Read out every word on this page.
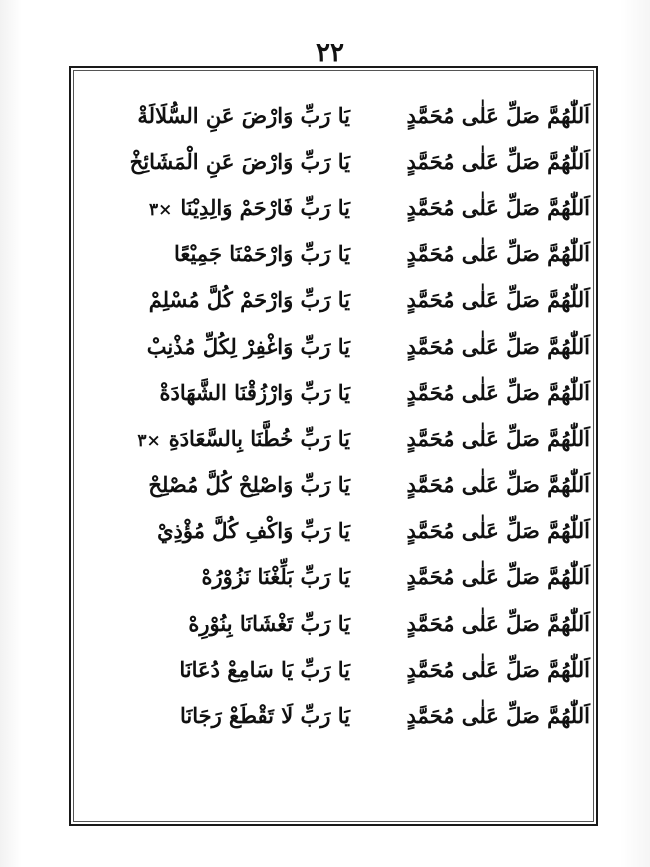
٢٢
اَللّٰهُمَّ صَلِّ عَلٰى مُحَمَّدٍ
يَا رَبِّ وَارْضَ عَنِ السُّلَالَةْ
اَللّٰهُمَّ صَلِّ عَلٰى مُحَمَّدٍ
يَا رَبِّ وَارْضَ عَنِ الْمَشَائِخْ
اَللّٰهُمَّ صَلِّ عَلٰى مُحَمَّدٍ
يَا رَبِّ فَارْحَمْ وَالِدِيْنَا×٣
اَللّٰهُمَّ صَلِّ عَلٰى مُحَمَّدٍ
يَا رَبِّ وَارْحَمْنَا جَمِيْعًا
اَللّٰهُمَّ صَلِّ عَلٰى مُحَمَّدٍ
يَا رَبِّ وَارْحَمْ كُلَّ مُسْلِمْ
اَللّٰهُمَّ صَلِّ عَلٰى مُحَمَّدٍ
يَا رَبِّ وَاغْفِرْ لِكُلِّ مُذْنِبْ
اَللّٰهُمَّ صَلِّ عَلٰى مُحَمَّدٍ
يَا رَبِّ وَارْزُقْنَا الشَّهَادَةْ
اَللّٰهُمَّ صَلِّ عَلٰى مُحَمَّدٍ
يَا رَبِّ خُطَّنَا بِالسَّعَادَةِ×٣
اَللّٰهُمَّ صَلِّ عَلٰى مُحَمَّدٍ
يَا رَبِّ وَاصْلِحْ كُلَّ مُصْلِحْ
اَللّٰهُمَّ صَلِّ عَلٰى مُحَمَّدٍ
يَا رَبِّ وَاكْفِ كُلَّ مُؤْذِيْ
اَللّٰهُمَّ صَلِّ عَلٰى مُحَمَّدٍ
يَا رَبِّ بَلِّغْنَا نَزُوْرُهْ
اَللّٰهُمَّ صَلِّ عَلٰى مُحَمَّدٍ
يَا رَبِّ تَغْشَانَا بِنُوْرِهْ
اَللّٰهُمَّ صَلِّ عَلٰى مُحَمَّدٍ
يَا رَبِّ يَا سَامِعْ دُعَانَا
اَللّٰهُمَّ صَلِّ عَلٰى مُحَمَّدٍ
يَا رَبِّ لَا تَقْطَعْ رَجَانَا
